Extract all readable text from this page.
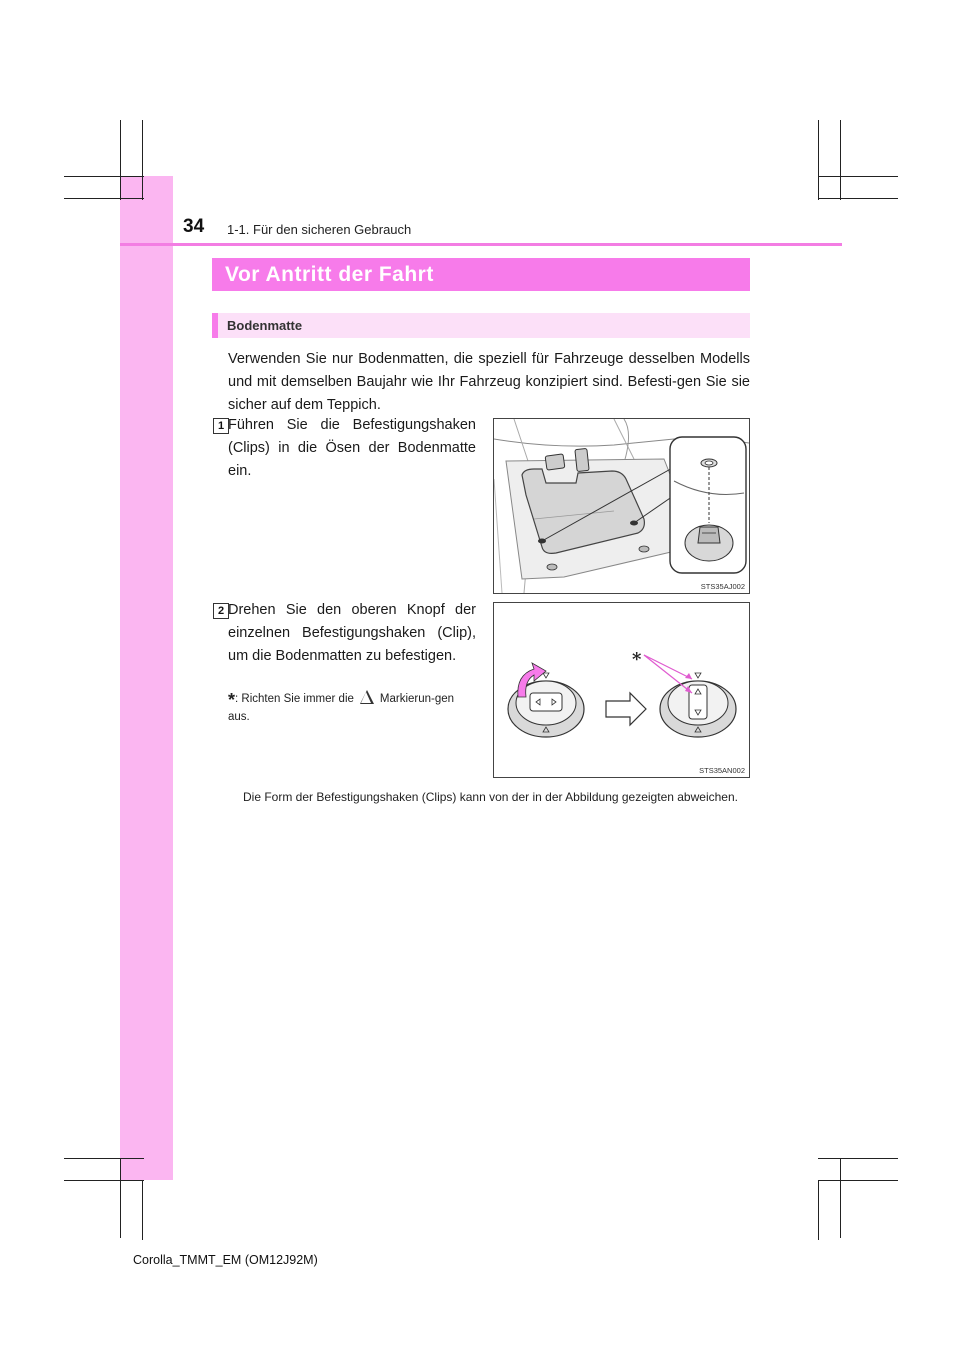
34 1-1. Für den sicheren Gebrauch
Vor Antritt der Fahrt
Bodenmatte
Verwenden Sie nur Bodenmatten, die speziell für Fahrzeuge desselben Modells und mit demselben Baujahr wie Ihr Fahrzeug konzipiert sind. Befesti-gen Sie sie sicher auf dem Teppich.
1 Führen Sie die Befestigungshaken (Clips) in die Ösen der Bodenmatte ein.
STS35AJ002
2 Drehen Sie den oberen Knopf der einzelnen Befestigungshaken (Clip), um die Bodenmatten zu befestigen.	*
STS35AN002
*: Richten Sie immer die Markierun-gen aus.
Die Form der Befestigungshaken (Clips) kann von der in der Abbildung gezeigten abweichen.
Corolla_TMMT_EM (OM12J92M)
